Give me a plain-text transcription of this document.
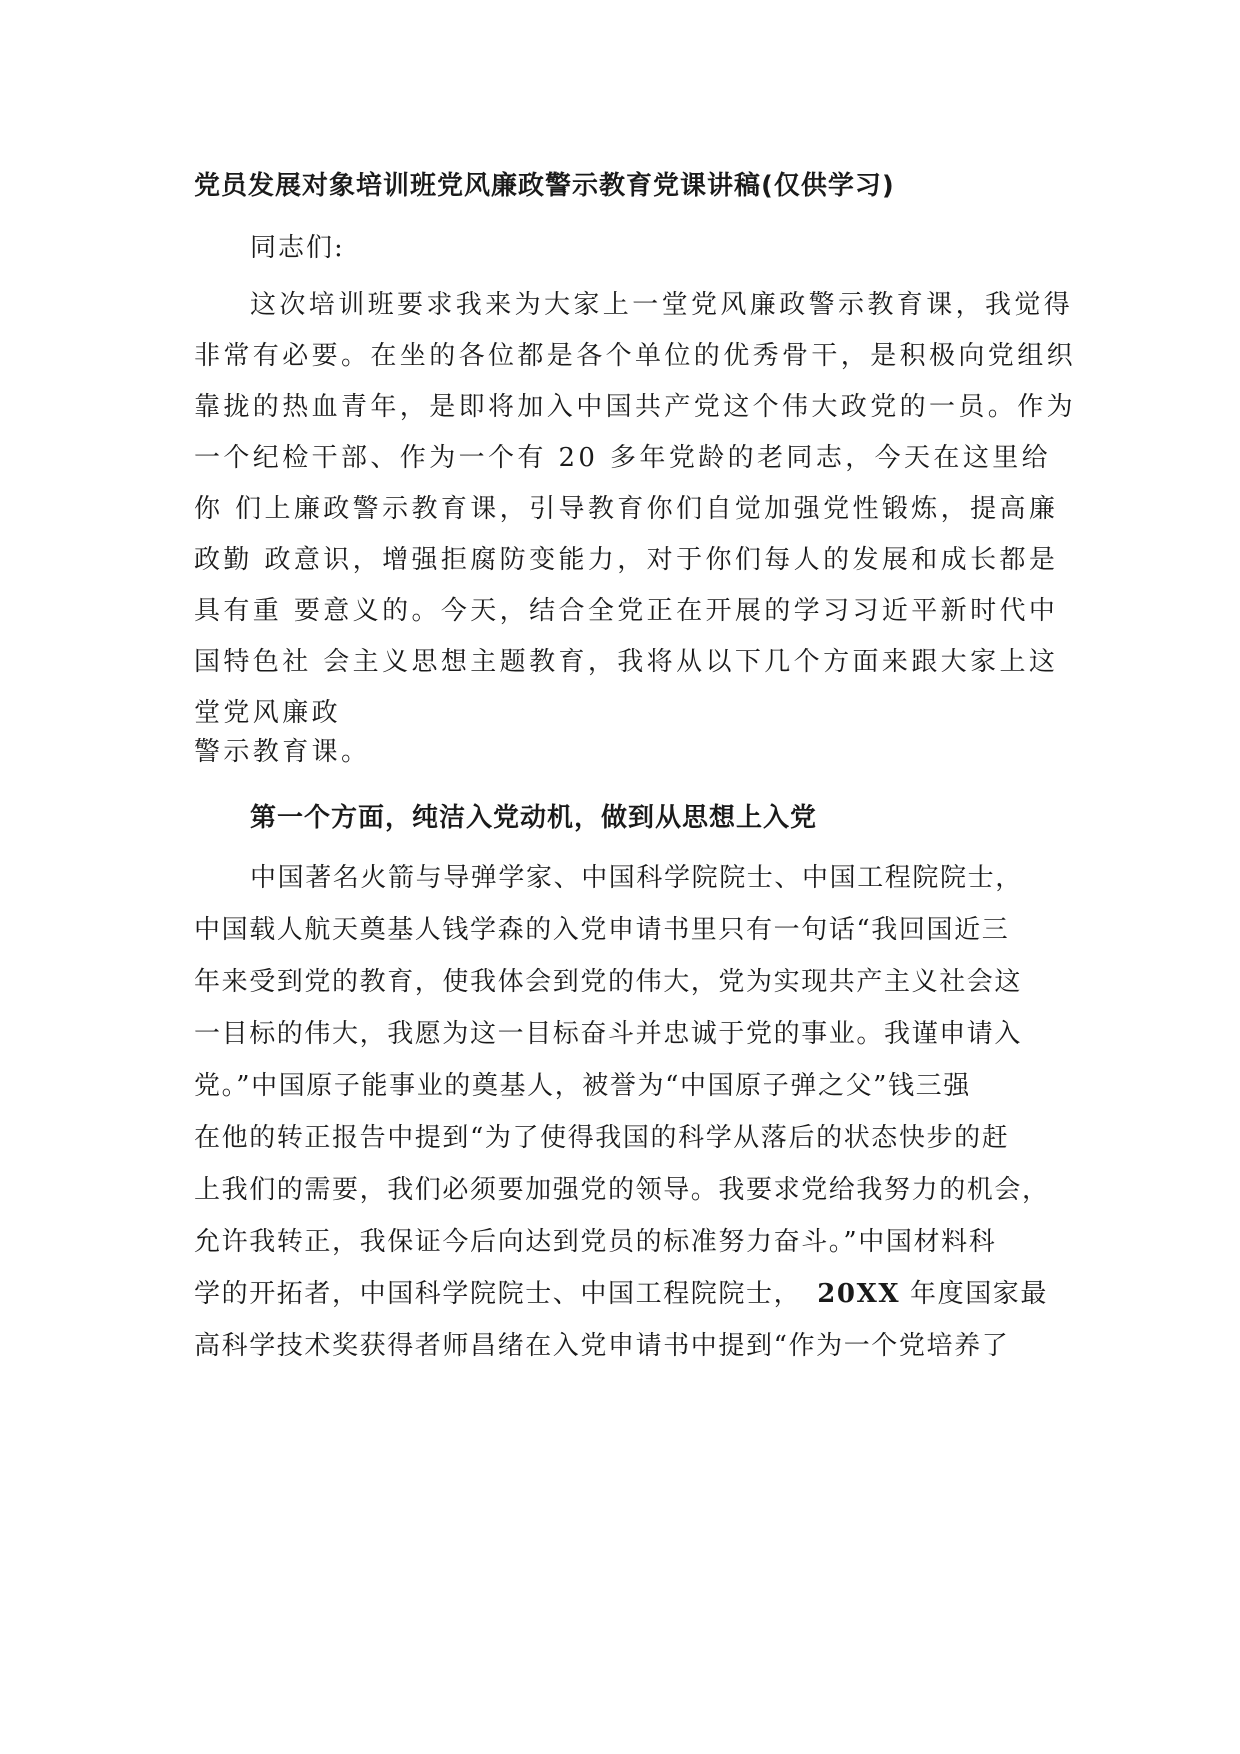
党员发展对象培训班党风廉政警示教育党课讲稿(仅供学习)
同志们:
这次培训班要求我来为大家上一堂党风廉政警示教育课，我觉得
非常有必要。在坐的各位都是各个单位的优秀骨干，是积极向党组织
靠拢的热血青年，是即将加入中国共产党这个伟大政党的一员。作为
一个纪检干部、作为一个有 20 多年党龄的老同志，今天在这里给
你 们上廉政警示教育课，引导教育你们自觉加强党性锻炼，提高廉
政勤 政意识，增强拒腐防变能力，对于你们每人的发展和成长都是
具有重 要意义的。今天，结合全党正在开展的学习习近平新时代中
国特色社 会主义思想主题教育，我将从以下几个方面来跟大家上这
堂党风廉政
警示教育课。
第一个方面，纯洁入党动机，做到从思想上入党
中国著名火箭与导弹学家、中国科学院院士、中国工程院院士，
中国载人航天奠基人钱学森的入党申请书里只有一句话“我回国近三
年来受到党的教育，使我体会到党的伟大，党为实现共产主义社会这
一目标的伟大，我愿为这一目标奋斗并忠诚于党的事业。我谨申请入
党。”中国原子能事业的奠基人，被誉为“中国原子弹之父”钱三强
在他的转正报告中提到“为了使得我国的科学从落后的状态快步的赶
上我们的需要，我们必须要加强党的领导。我要求党给我努力的机会，
允许我转正，我保证今后向达到党员的标准努力奋斗。”中国材料科
学的开拓者，中国科学院院士、中国工程院院士， 20XX 年度国家最
高科学技术奖获得者师昌绪在入党申请书中提到“作为一个党培养了
